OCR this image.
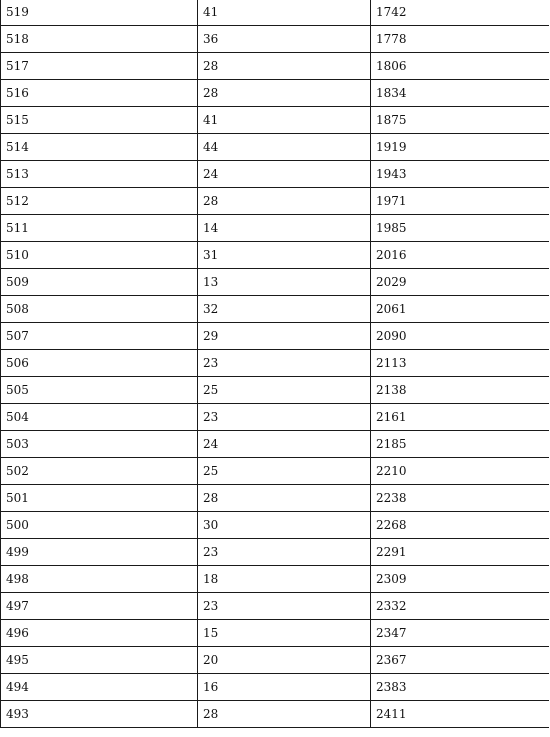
519	41	1742
518	36	1778
517	28	1806
516	28	1834
515	41	1875
514	44	1919
513	24	1943
512	28	1971
511	14	1985
510	31	2016
509	13	2029
508	32	2061
507	29	2090
506	23	2113
505	25	2138
504	23	2161
503	24	2185
502	25	2210
501	28	2238
500	30	2268
499	23	2291
498	18	2309
497	23	2332
496	15	2347
495	20	2367
494	16	2383
493	28	2411
